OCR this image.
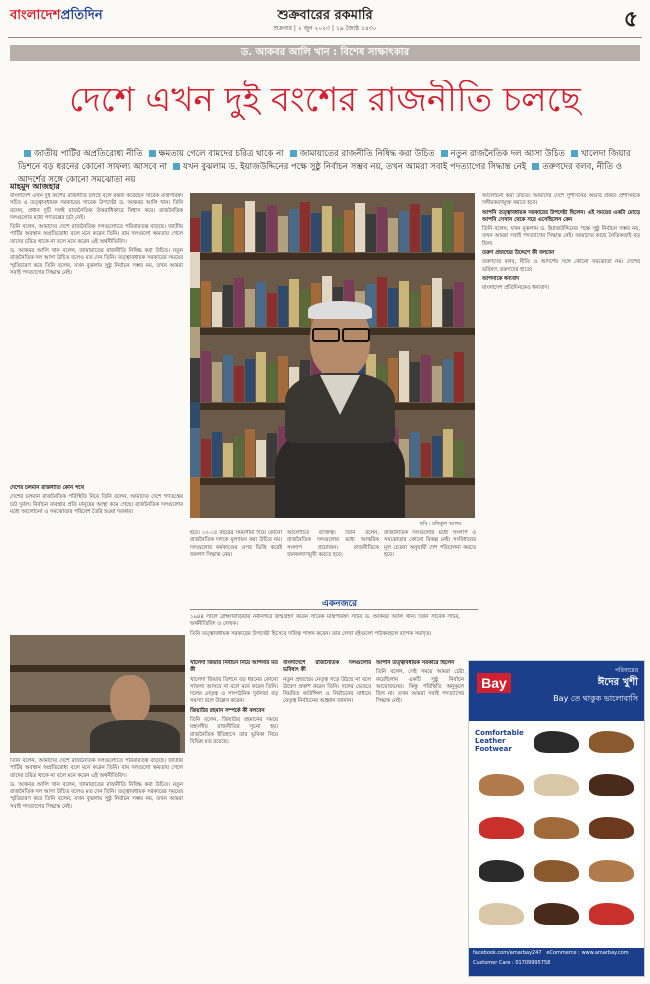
বাংলাদেশপ্রতিদিন	শুক্রবারের রকমারি
শুক্রবার | ২ জুন ২০২৩ | ১৯ জ্যৈষ্ঠ ১৪৩০	৫
ড. আকবর আলি খান : বিশেষ সাক্ষাৎকার
দেশে এখন দুই বংশের রাজনীতি চলছে
জাতীয় পার্টির অপ্রতিরোধ্য নীতি ক্ষমতায় গেলে বামদের চরিত্র থাকে না জামায়াতের রাজনীতি নিষিদ্ধ করা উচিত নতুন রাজনৈতিক দল আসা উচিত খালেদা জিয়ার ডিশনে বড় ধরনের কোনো সাফল্য আসবে না যখন বুঝলাম ড. ইয়াজউদ্দিনের পক্ষে সুষ্ঠু নির্বাচন সম্ভব নয়, তখন আমরা সবাই পদত্যাগের সিদ্ধান্ত নেই তরুণদের বলব, নীতি ও আদর্শের সঙ্গে কোনো সমঝোতা নয়
মাহমুদ আজহার

বাংলাদেশ এখন দুই বংশের রাজনীতি চলছে বলে মন্তব্য করেছেন সাবেক মন্ত্রিপরিষদ সচিব ও তত্ত্বাবধায়ক সরকারের সাবেক উপদেষ্টা ড. আকবর আলি খান। তিনি বলেন, প্রধান দুটি দলই রাজনৈতিক উত্তরাধিকারে বিশ্বাস করে। রাজনৈতিক দলগুলোর মধ্যে গণতন্ত্রের চর্চা নেই।

তিনি বলেন, আমাদের দেশে রাজনৈতিক দলগুলোতে পরিবারতন্ত্র বাড়ছে। জাতীয় পার্টির অবস্থান অপ্রতিরোধ্য বলে মনে করেন তিনি। বাম দলগুলো ক্ষমতায় গেলে তাদের চরিত্র থাকে না বলে মনে করেন এই অর্থনীতিবিদ।

ড. আকবর আলি খান বলেন, জামায়াতের রাজনীতি নিষিদ্ধ করা উচিত। নতুন রাজনৈতিক দল আসা উচিত বলেও মত দেন তিনি। তত্ত্বাবধায়ক সরকারের সময়ের স্মৃতিচারণ করে তিনি বলেন, যখন বুঝলাম সুষ্ঠু নির্বাচন সম্ভব নয়, তখন আমরা সবাই পদত্যাগের সিদ্ধান্ত নেই।

দেশের চলমান রাজনীতি কোন পথে

দেশের চলমান রাজনৈতিক পরিস্থিতি নিয়ে তিনি বলেন, আমাদের দেশে গণতন্ত্রের চর্চা দুর্বল। নির্বাচন ব্যবস্থার প্রতি মানুষের আস্থা কমে গেছে। রাজনৈতিক দলগুলোর মধ্যে আলোচনা ও সমঝোতার পরিবেশ তৈরি হওয়া দরকার।

ছবি : রফিকুল আলম

আলোচনা করা উচিত। আমাদের দেশে সুশাসনের অভাব প্রকট। প্রশাসনকে দলীয়করণমুক্ত করতে হবে।

আপনি তত্ত্বাবধায়ক সরকারের উপদেষ্টা ছিলেন। এই সময়ের একটা মোড়ে আপনি সেখান থেকে সরে এসেছিলেন কেন

তিনি বলেন, যখন বুঝলাম ড. ইয়াজউদ্দিনের পক্ষে সুষ্ঠু নির্বাচন সম্ভব নয়, তখন আমরা সবাই পদত্যাগের সিদ্ধান্ত নেই। আমাদের কাছে নৈতিকতাই বড় ছিল।

তরুণ প্রজন্মের উদ্দেশে কী বলবেন

তরুণদের বলব, নীতি ও আদর্শের সঙ্গে কোনো সমঝোতা নয়। দেশের ভবিষ্যৎ তরুণদের হাতে।

আপনাকে ধন্যবাদ

বাংলাদেশ প্রতিদিনকেও ধন্যবাদ।

হবে। ১০-১৫ বছরের সময়সীমা দিয়ে কোনো রাজনৈতিক দলকে মূল্যায়ন করা উচিত নয়। দলগুলোর কর্মকাণ্ডের ওপর ভিত্তি করেই জনগণ সিদ্ধান্ত নেয়।

আলোচিত ব্যক্তিত্ব। তিনি বলেন, রাজনৈতিক দলগুলোর মধ্যে আন্তরিক সংলাপ প্রয়োজন। রাজনীতিকে জনকল্যাণমুখী করতে হবে।

রাজনৈতিক দলগুলোর মধ্যে সংলাপ ও সমঝোতার কোনো বিকল্প নেই। সংবিধানের মূল চেতনা অনুযায়ী দেশ পরিচালনা করতে হবে।

একনজরে

১৯৪৪ সালে ব্রাহ্মণবাড়িয়ার নবীনগরে জন্মগ্রহণ করেন সাবেক মন্ত্রিপরিষদ সচিব ড. আকবর আলি খান। তিনি সাবেক সচিব, অর্থনীতিবিদ ও লেখক।

তিনি তত্ত্বাবধায়ক সরকারের উপদেষ্টা হিসেবে দায়িত্ব পালন করেন। তার লেখা বইগুলো পাঠকমহলে ব্যাপক সমাদৃত।

তিনি বলেন, আমাদের দেশে রাজনৈতিক দলগুলোতে পরিবারতন্ত্র বাড়ছে। জাতীয় পার্টির অবস্থান অপ্রতিরোধ্য বলে মনে করেন তিনি। বাম দলগুলো ক্ষমতায় গেলে তাদের চরিত্র থাকে না বলে মনে করেন এই অর্থনীতিবিদ।

ড. আকবর আলি খান বলেন, জামায়াতের রাজনীতি নিষিদ্ধ করা উচিত। নতুন রাজনৈতিক দল আসা উচিত বলেও মত দেন তিনি। তত্ত্বাবধায়ক সরকারের সময়ের স্মৃতিচারণ করে তিনি বলেন, যখন বুঝলাম সুষ্ঠু নির্বাচন সম্ভব নয়, তখন আমরা সবাই পদত্যাগের সিদ্ধান্ত নেই।

খালেদা জিয়ার নির্বাচন নিয়ে আপনার মত কী

খালেদা জিয়ার ডিশনে বড় ধরনের কোনো সাফল্য আসবে না বলে মনে করেন তিনি। দলের নেতৃত্ব ও সাংগঠনিক দুর্বলতা বড় সমস্যা বলে উল্লেখ করেন।

জিয়াউর রহমান সম্পর্কে কী বলবেন

তিনি বলেন, জিয়াউর রহমানের সময়ে বহুদলীয় রাজনীতির সূচনা হয়। রাজনৈতিক ইতিহাসে তার ভূমিকা নিয়ে বিভিন্ন মত রয়েছে।

বাংলাদেশে রাজনৈতিক দলগুলোর ভবিষ্যৎ কী

নতুন প্রজন্মের নেতৃত্ব গড়ে উঠছে না বলে উদ্বেগ প্রকাশ করেন তিনি। দলের ভেতরে নিয়মিত কাউন্সিল ও নির্বাচনের মাধ্যমে নেতৃত্ব নির্বাচনের আহ্বান জানান।

আপনি তত্ত্বাবধায়ক সরকারে ছিলেন

তিনি বলেন, সেই সময়ে আমরা চেষ্টা করেছিলাম একটি সুষ্ঠু নির্বাচন আয়োজনের। কিন্তু পরিস্থিতি অনুকূলে ছিল না। তখন আমরা সবাই পদত্যাগের সিদ্ধান্ত নেই।

Bay
পরিবারের
ঈদের খুশী
Bay তে থাকুক ভালোবাসি
Comfortable Leather Footwear
facebook.com/amarbay247 eCommerce : www.amarbay.com
Customer Care : 01709995758
